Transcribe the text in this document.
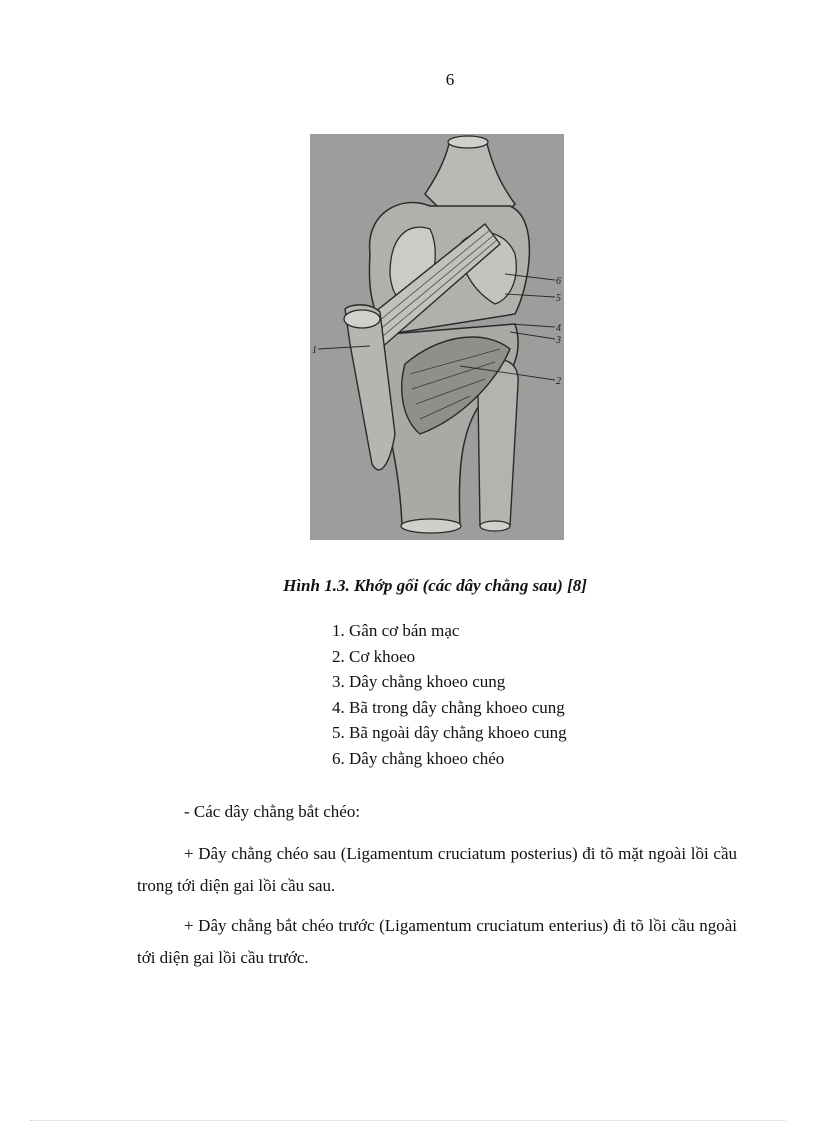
6
1
2
3
4
5
6
Hình 1.3. Khớp gối (các dây chằng sau) [8]
1. Gân cơ bán mạc
2. Cơ khoeo
3. Dây chằng khoeo cung
4. Bã trong dây chằng khoeo cung
5. Bã ngoài dây chằng khoeo cung
6. Dây chằng khoeo chéo

- Các dây chằng bắt chéo:

+ Dây chằng chéo sau (Ligamentum cruciatum posterius) đi tõ mặt ngoài lồi cầu trong tới diện gai lồi cầu sau.

+ Dây chằng bắt chéo trước (Ligamentum cruciatum enterius) đi tõ lồi cầu ngoài tới diện gai lồi cầu trước.
